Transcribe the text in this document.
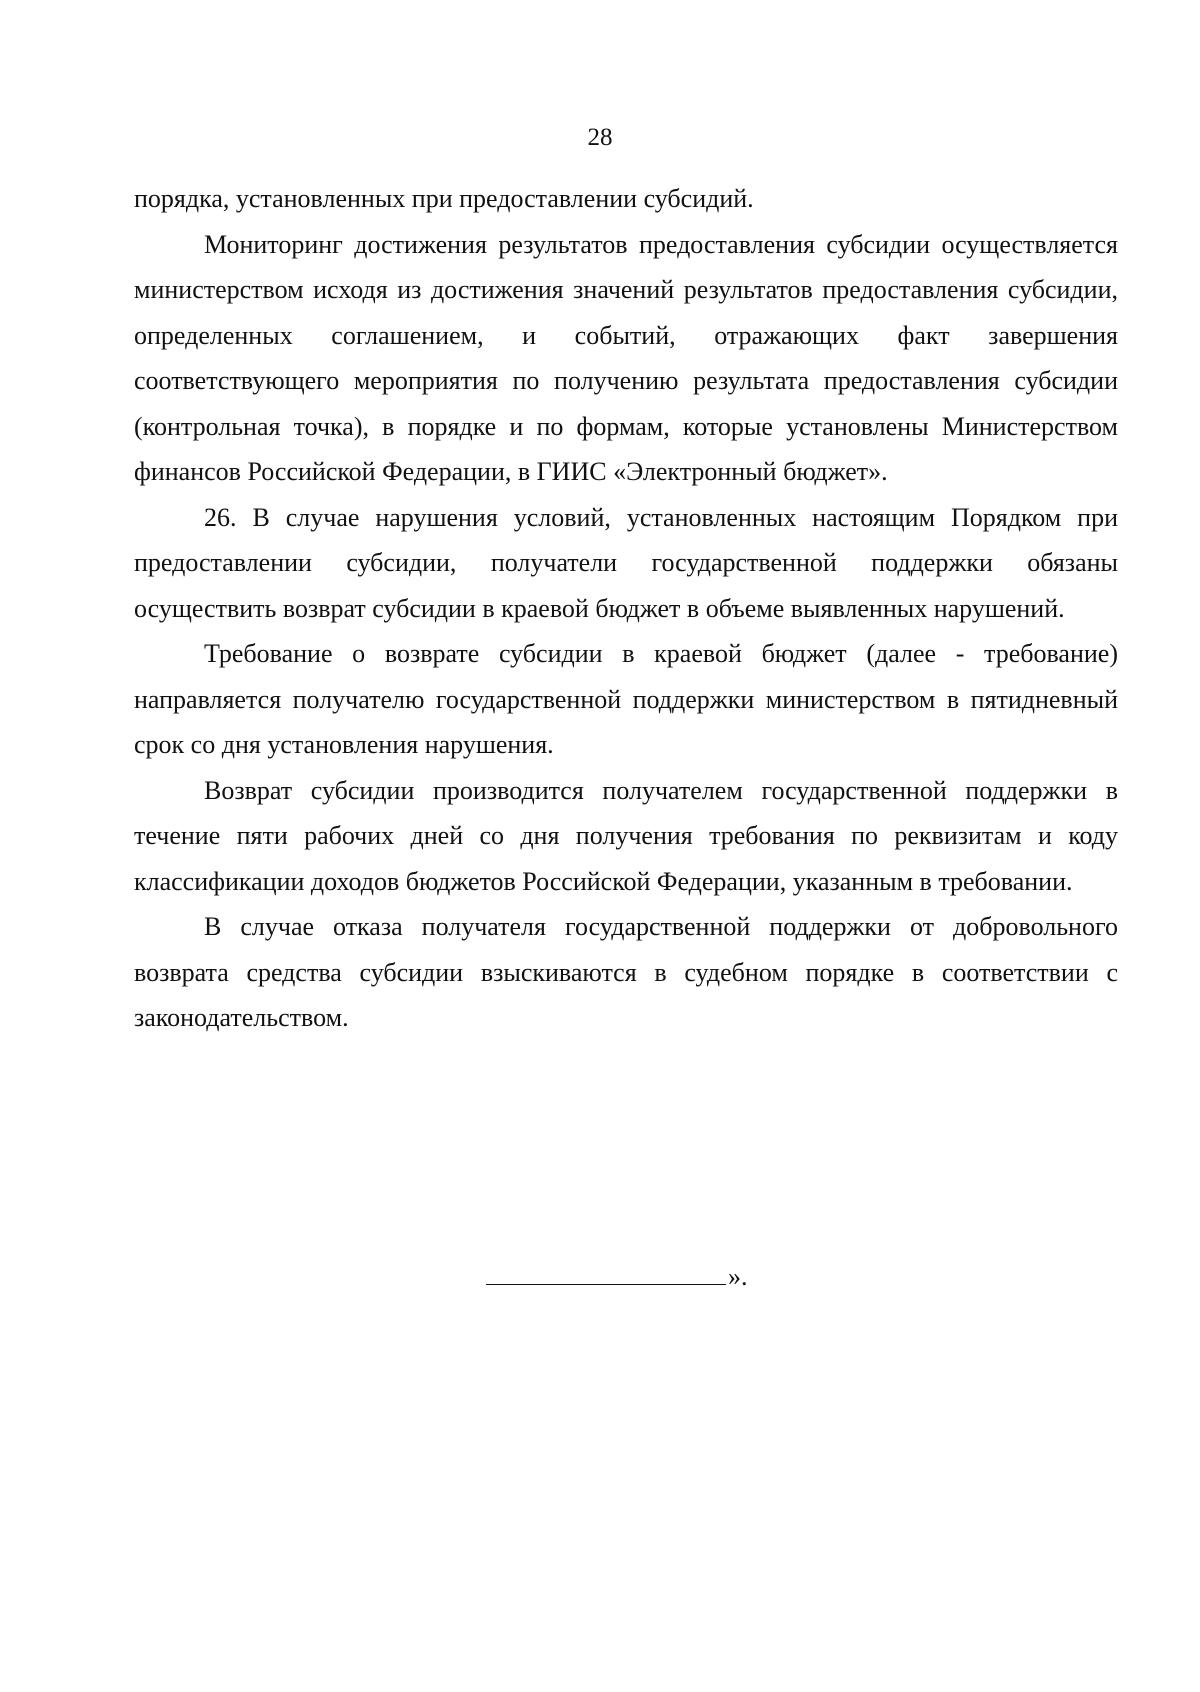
28

порядка, установленных при предоставлении субсидий.

Мониторинг достижения результатов предоставления субсидии осуществляется министерством исходя из достижения значений результатов предоставления субсидии, определенных соглашением, и событий, отражающих факт завершения соответствующего мероприятия по получению результата предоставления субсидии (контрольная точка), в порядке и по формам, которые установлены Министерством финансов Российской Федерации, в ГИИС «Электронный бюджет».

26. В случае нарушения условий, установленных настоящим Порядком при предоставлении субсидии, получатели государственной поддержки обязаны осуществить возврат субсидии в краевой бюджет в объеме выявленных нарушений.

Требование о возврате субсидии в краевой бюджет (далее - требование) направляется получателю государственной поддержки министерством в пятидневный срок со дня установления нарушения.

Возврат субсидии производится получателем государственной поддержки в течение пяти рабочих дней со дня получения требования по реквизитам и коду классификации доходов бюджетов Российской Федерации, указанным в требовании.

В случае отказа получателя государственной поддержки от добровольного возврата средства субсидии взыскиваются в судебном порядке в соответствии с законодательством.

».
